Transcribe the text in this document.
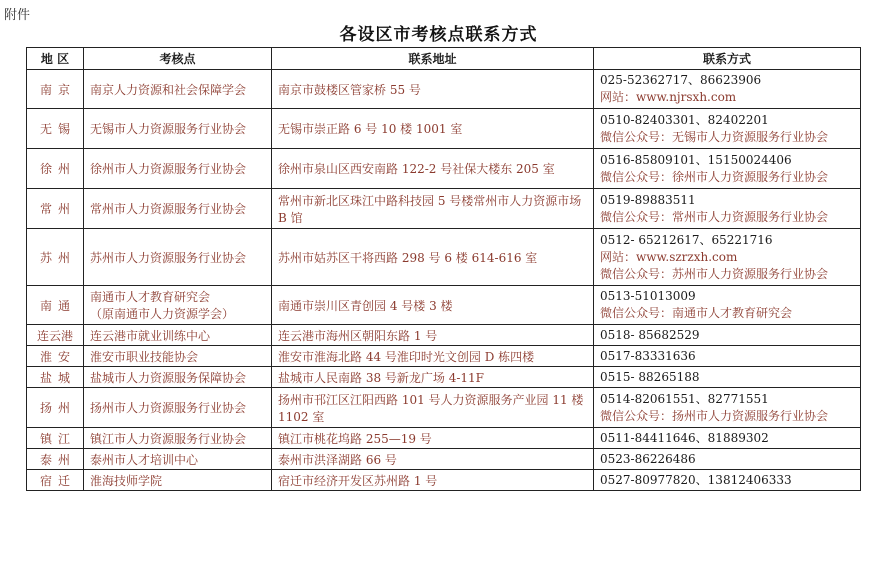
附件
各设区市考核点联系方式
地 区	考核点	联系地址	联系方式
南京	南京人力资源和社会保障学会	南京市鼓楼区管家桥 55 号	025-52362717、86623906
网站：www.njrsxh.com

无锡	无锡市人力资源服务行业协会	无锡市崇正路 6 号 10 楼 1001 室	0510-82403301、82402201
微信公众号：无锡市人力资源服务行业协会

徐州	徐州市人力资源服务行业协会	徐州市泉山区西安南路 122-2 号社保大楼东 205 室	0516-85809101、15150024406
微信公众号：徐州市人力资源服务行业协会

常州	常州市人力资源服务行业协会	常州市新北区珠江中路科技园 5 号楼常州市人力资源市场 B 馆	0519-89883511
微信公众号：常州市人力资源服务行业协会

苏州	苏州市人力资源服务行业协会	苏州市姑苏区干将西路 298 号 6 楼 614-616 室	0512- 65212617、65221716
网站：www.szrzxh.com
微信公众号：苏州市人力资源服务行业协会

南通	南通市人才教育研究会
（原南通市人力资源学会）	南通市崇川区青创园 4 号楼 3 楼	0513-51013009
微信公众号：南通市人才教育研究会

连云港	连云港市就业训练中心	连云港市海州区朝阳东路 1 号	0518- 85682529

淮安	淮安市职业技能协会	淮安市淮海北路 44 号淮印时光文创园 D 栋四楼	0517-83331636

盐城	盐城市人力资源服务保障协会	盐城市人民南路 38 号新龙广场 4-11F	0515- 88265188

扬州	扬州市人力资源服务行业协会	扬州市邗江区江阳西路 101 号人力资源服务产业园 11 楼 1102 室	0514-82061551、82771551
微信公众号：扬州市人力资源服务行业协会

镇江	镇江市人力资源服务行业协会	镇江市桃花坞路 255—19 号	0511-84411646、81889302

泰州	泰州市人才培训中心	泰州市洪泽湖路 66 号	0523-86226486

宿迁	淮海技师学院	宿迁市经济开发区苏州路 1 号	0527-80977820、13812406333
